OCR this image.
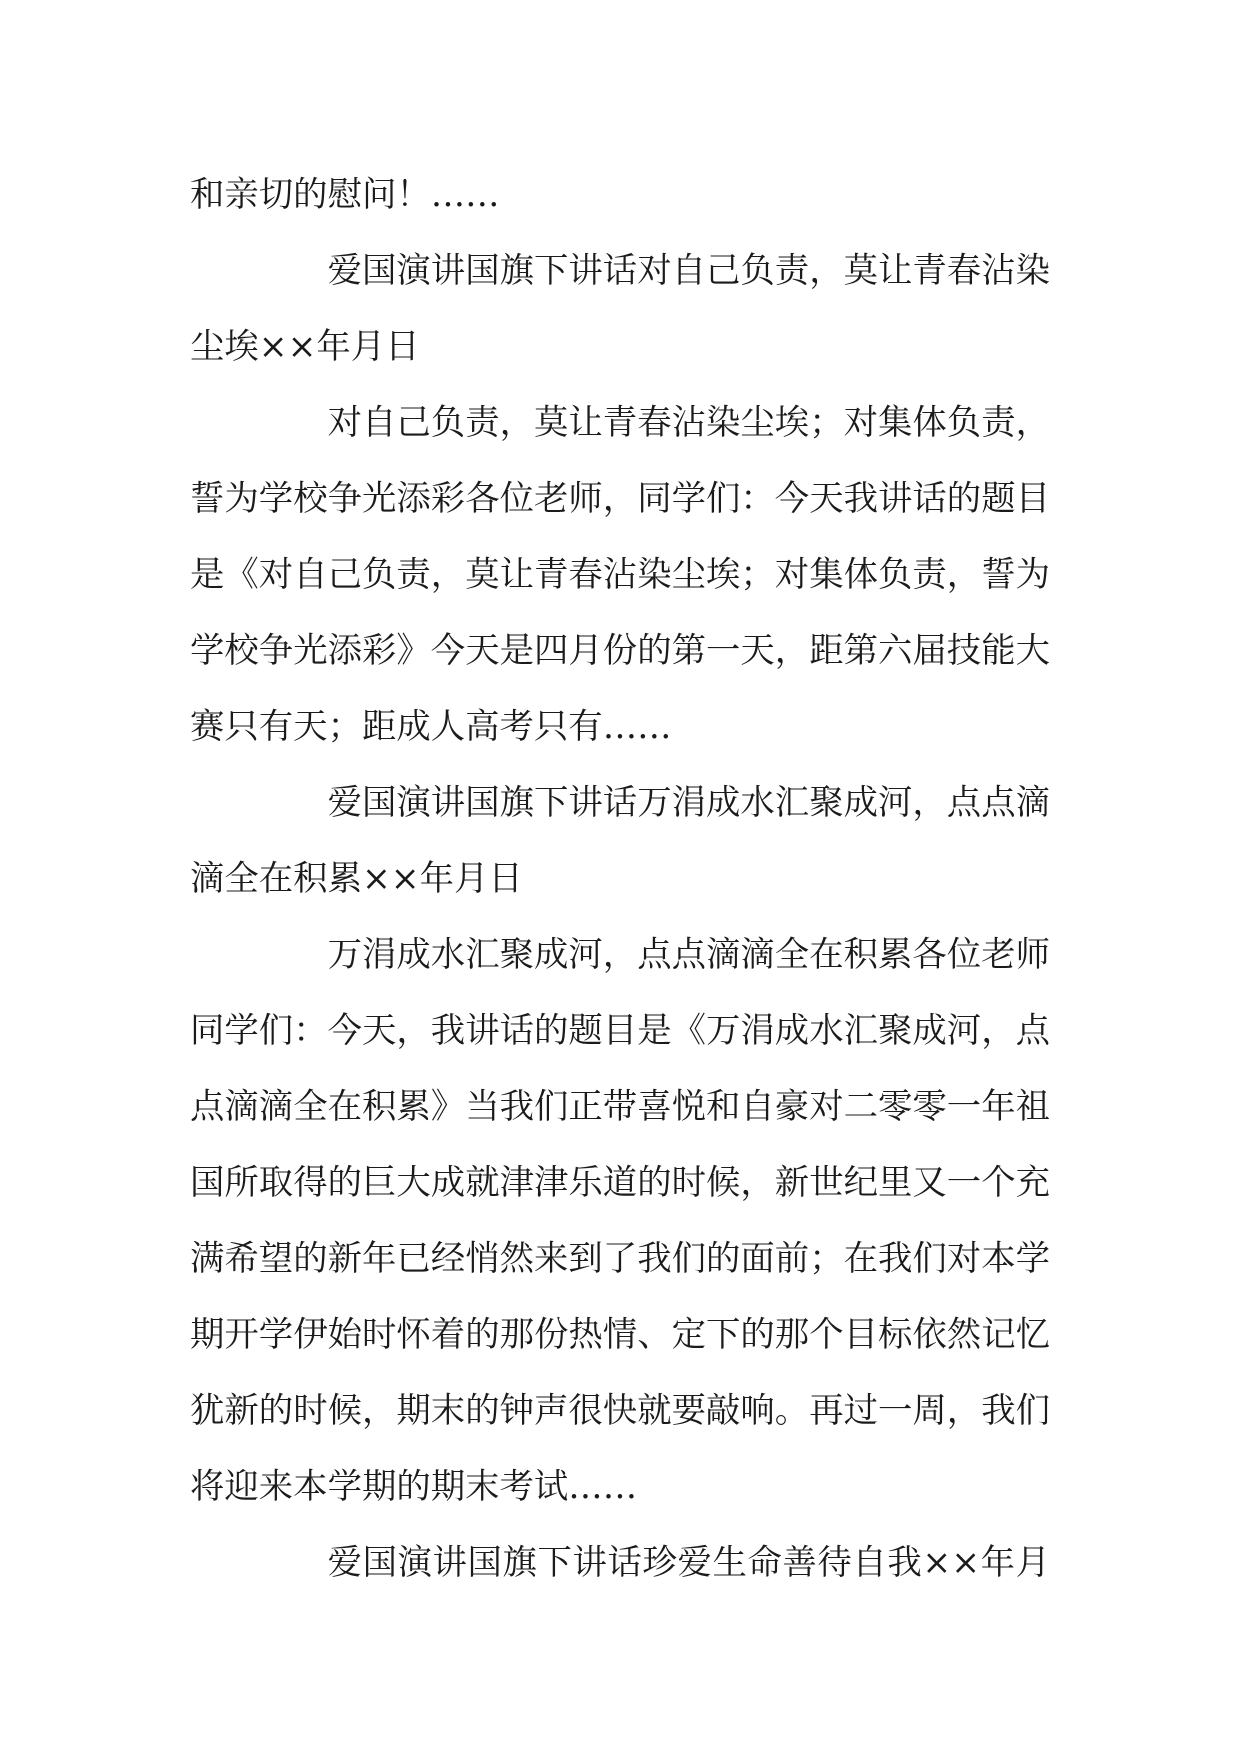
和亲切的慰问！……
爱国演讲国旗下讲话对自己负责，莫让青春沾染
尘埃××年月日
对自己负责，莫让青春沾染尘埃；对集体负责，
誓为学校争光添彩各位老师，同学们：今天我讲话的题目
是《对自己负责，莫让青春沾染尘埃；对集体负责，誓为
学校争光添彩》今天是四月份的第一天，距第六届技能大
赛只有天；距成人高考只有……
爱国演讲国旗下讲话万涓成水汇聚成河，点点滴
滴全在积累××年月日
万涓成水汇聚成河，点点滴滴全在积累各位老师
同学们：今天，我讲话的题目是《万涓成水汇聚成河，点
点滴滴全在积累》当我们正带喜悦和自豪对二零零一年祖
国所取得的巨大成就津津乐道的时候，新世纪里又一个充
满希望的新年已经悄然来到了我们的面前；在我们对本学
期开学伊始时怀着的那份热情、定下的那个目标依然记忆
犹新的时候，期末的钟声很快就要敲响。再过一周，我们
将迎来本学期的期末考试……
爱国演讲国旗下讲话珍爱生命善待自我××年月
